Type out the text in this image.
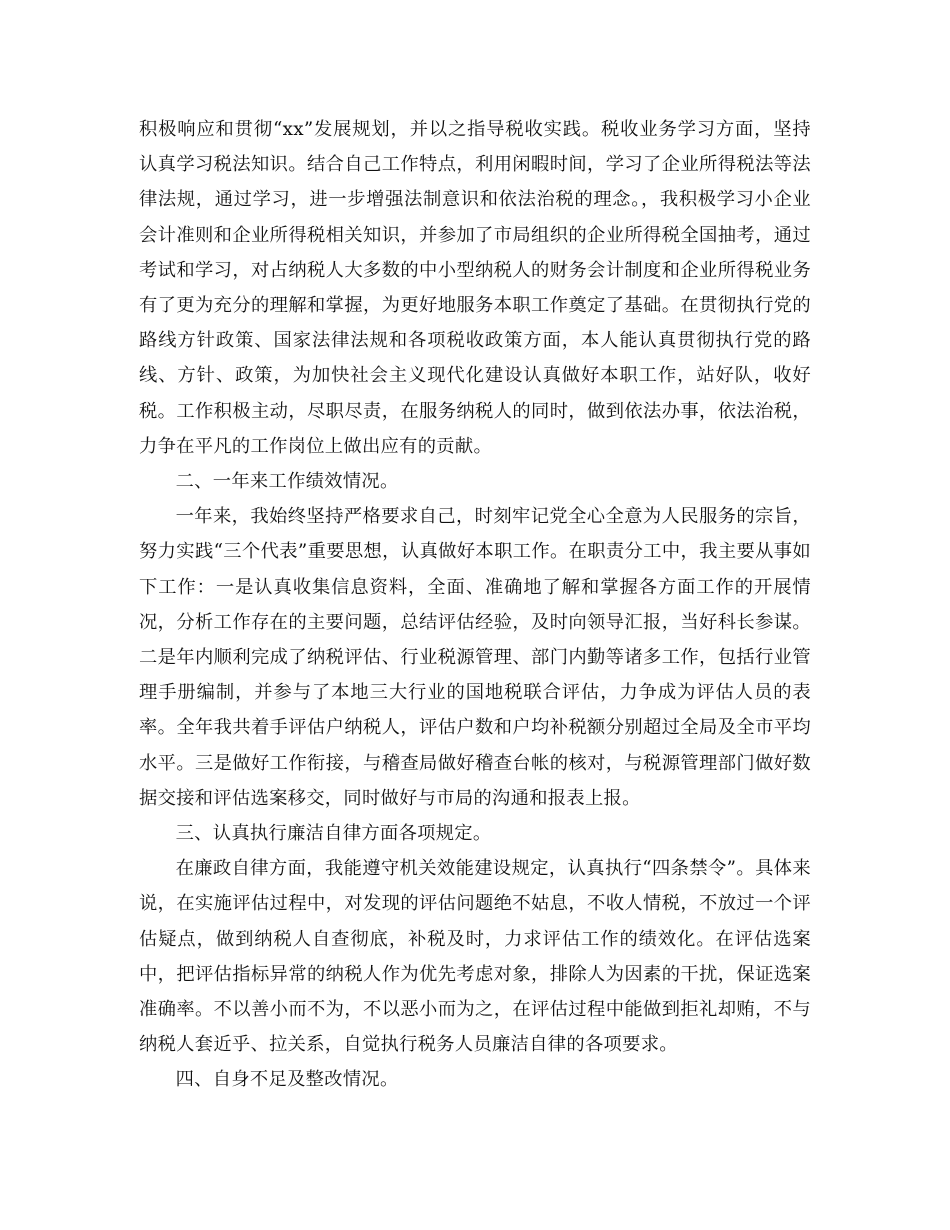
积极响应和贯彻“xx”发展规划，并以之指导税收实践。税收业务学习方面，坚持认真学习税法知识。结合自己工作特点，利用闲暇时间，学习了企业所得税法等法律法规，通过学习，进一步增强法制意识和依法治税的理念。，我积极学习小企业会计准则和企业所得税相关知识，并参加了市局组织的企业所得税全国抽考，通过考试和学习，对占纳税人大多数的中小型纳税人的财务会计制度和企业所得税业务有了更为充分的理解和掌握，为更好地服务本职工作奠定了基础。在贯彻执行党的路线方针政策、国家法律法规和各项税收政策方面，本人能认真贯彻执行党的路线、方针、政策，为加快社会主义现代化建设认真做好本职工作，站好队，收好税。工作积极主动，尽职尽责，在服务纳税人的同时，做到依法办事，依法治税，力争在平凡的工作岗位上做出应有的贡献。

二、一年来工作绩效情况。

一年来，我始终坚持严格要求自己，时刻牢记党全心全意为人民服务的宗旨，努力实践“三个代表”重要思想，认真做好本职工作。在职责分工中，我主要从事如下工作：一是认真收集信息资料，全面、准确地了解和掌握各方面工作的开展情况，分析工作存在的主要问题，总结评估经验，及时向领导汇报，当好科长参谋。二是年内顺利完成了纳税评估、行业税源管理、部门内勤等诸多工作，包括行业管理手册编制，并参与了本地三大行业的国地税联合评估，力争成为评估人员的表率。全年我共着手评估户纳税人，评估户数和户均补税额分别超过全局及全市平均水平。三是做好工作衔接，与稽查局做好稽查台帐的核对，与税源管理部门做好数据交接和评估选案移交，同时做好与市局的沟通和报表上报。

三、认真执行廉洁自律方面各项规定。

在廉政自律方面，我能遵守机关效能建设规定，认真执行“四条禁令”。具体来说，在实施评估过程中，对发现的评估问题绝不姑息，不收人情税，不放过一个评估疑点，做到纳税人自查彻底，补税及时，力求评估工作的绩效化。在评估选案中，把评估指标异常的纳税人作为优先考虑对象，排除人为因素的干扰，保证选案准确率。不以善小而不为，不以恶小而为之，在评估过程中能做到拒礼却贿，不与纳税人套近乎、拉关系，自觉执行税务人员廉洁自律的各项要求。

四、自身不足及整改情况。
